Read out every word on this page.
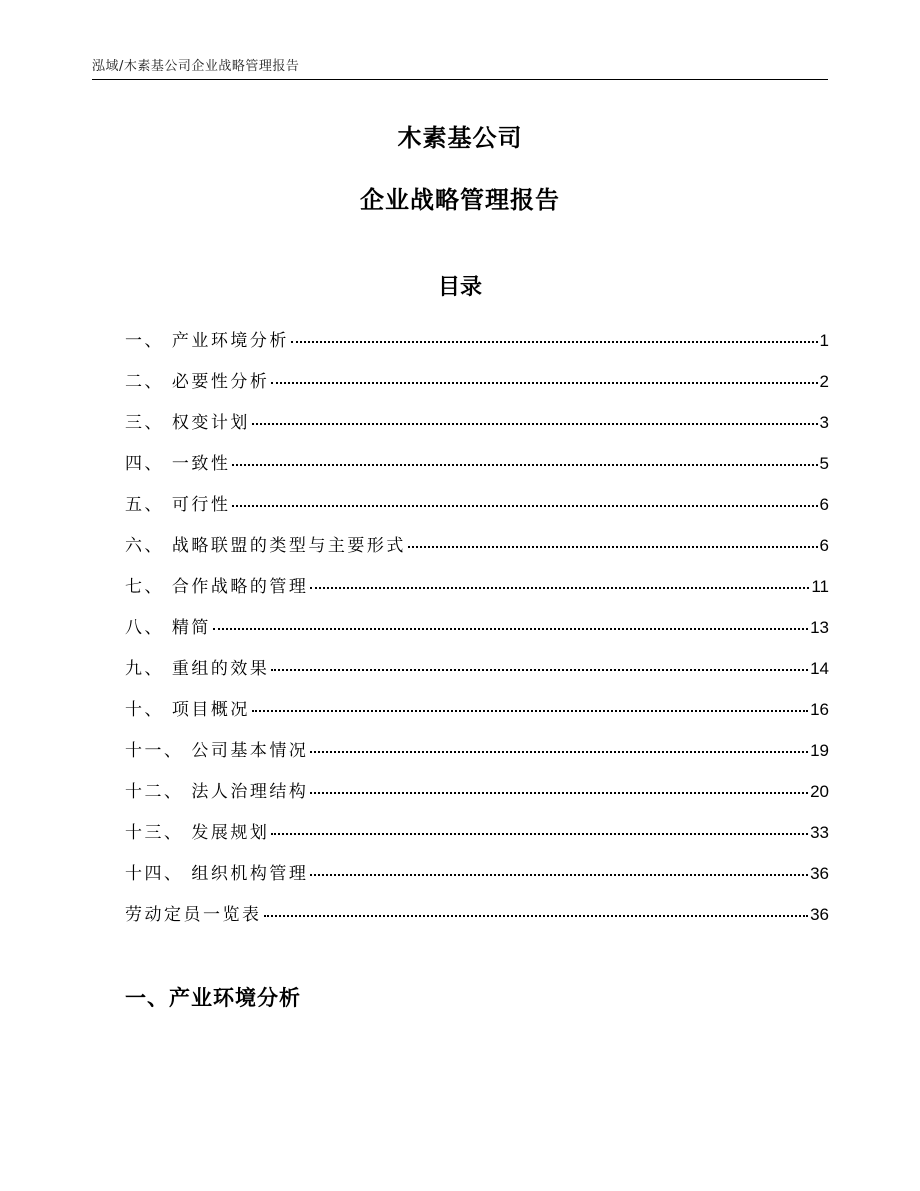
泓域/木素基公司企业战略管理报告
木素基公司
企业战略管理报告
目录
一、 产业环境分析	1
二、 必要性分析	2
三、 权变计划	3
四、 一致性	5
五、 可行性	6
六、 战略联盟的类型与主要形式	6
七、 合作战略的管理	11
八、 精简	13
九、 重组的效果	14
十、 项目概况	16
十一、 公司基本情况	19
十二、 法人治理结构	20
十三、 发展规划	33
十四、 组织机构管理	36
劳动定员一览表	36
一、产业环境分析
